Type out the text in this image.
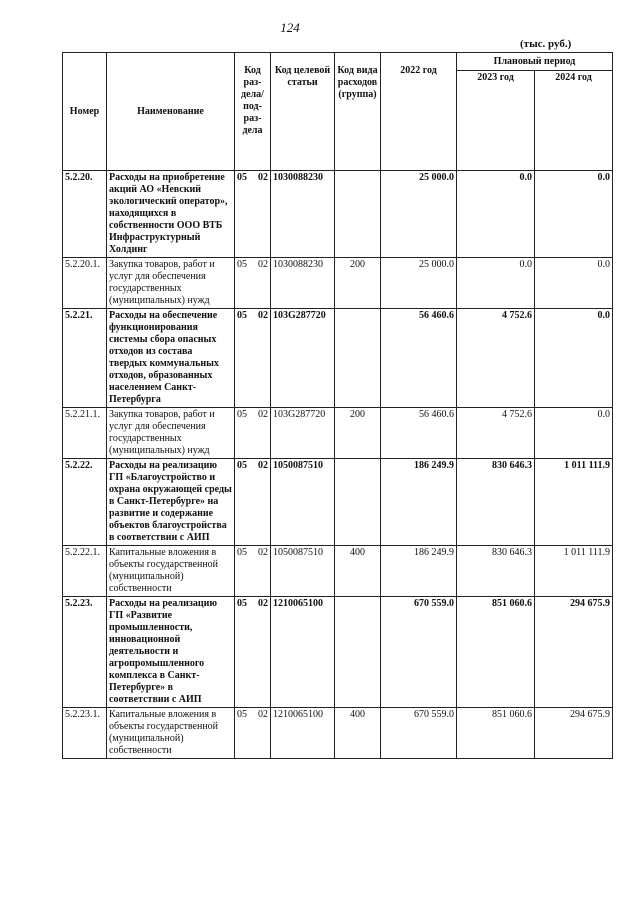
124
(тыс. руб.)
Номер	Наименование	Код раз-дела/ под-раз-дела	Код целевой статьи	Код вида расходов (группа)	2022 год	Плановый период	
						2023 год	2024 год
5.2.20.	Расходы на приобретение акций АО «Невский экологический оператор», находящихся в собственности ООО ВТБ Инфраструктурный Холдинг	05 02	1030088230		25 000.0	0.0	0.0
5.2.20.1.	Закупка товаров, работ и услуг для обеспечения государственных (муниципальных) нужд	05 02	1030088230	200	25 000.0	0.0	0.0
5.2.21.	Расходы на обеспечение функционирования системы сбора опасных отходов из состава твердых коммунальных отходов, образованных населением Санкт-Петербурга	05 02	103G287720		56 460.6	4 752.6	0.0
5.2.21.1.	Закупка товаров, работ и услуг для обеспечения государственных (муниципальных) нужд	05 02	103G287720	200	56 460.6	4 752.6	0.0
5.2.22.	Расходы на реализацию ГП «Благоустройство и охрана окружающей среды в Санкт-Петербурге» на развитие и содержание объектов благоустройства в соответствии с АИП	05 02	1050087510		186 249.9	830 646.3	1 011 111.9
5.2.22.1.	Капитальные вложения в объекты государственной (муниципальной) собственности	05 02	1050087510	400	186 249.9	830 646.3	1 011 111.9
5.2.23.	Расходы на реализацию ГП «Развитие промышленности, инновационной деятельности и агропромышленного комплекса в Санкт-Петербурге» в соответствии с АИП	05 02	1210065100		670 559.0	851 060.6	294 675.9
5.2.23.1.	Капитальные вложения в объекты государственной (муниципальной) собственности	05 02	1210065100	400	670 559.0	851 060.6	294 675.9
